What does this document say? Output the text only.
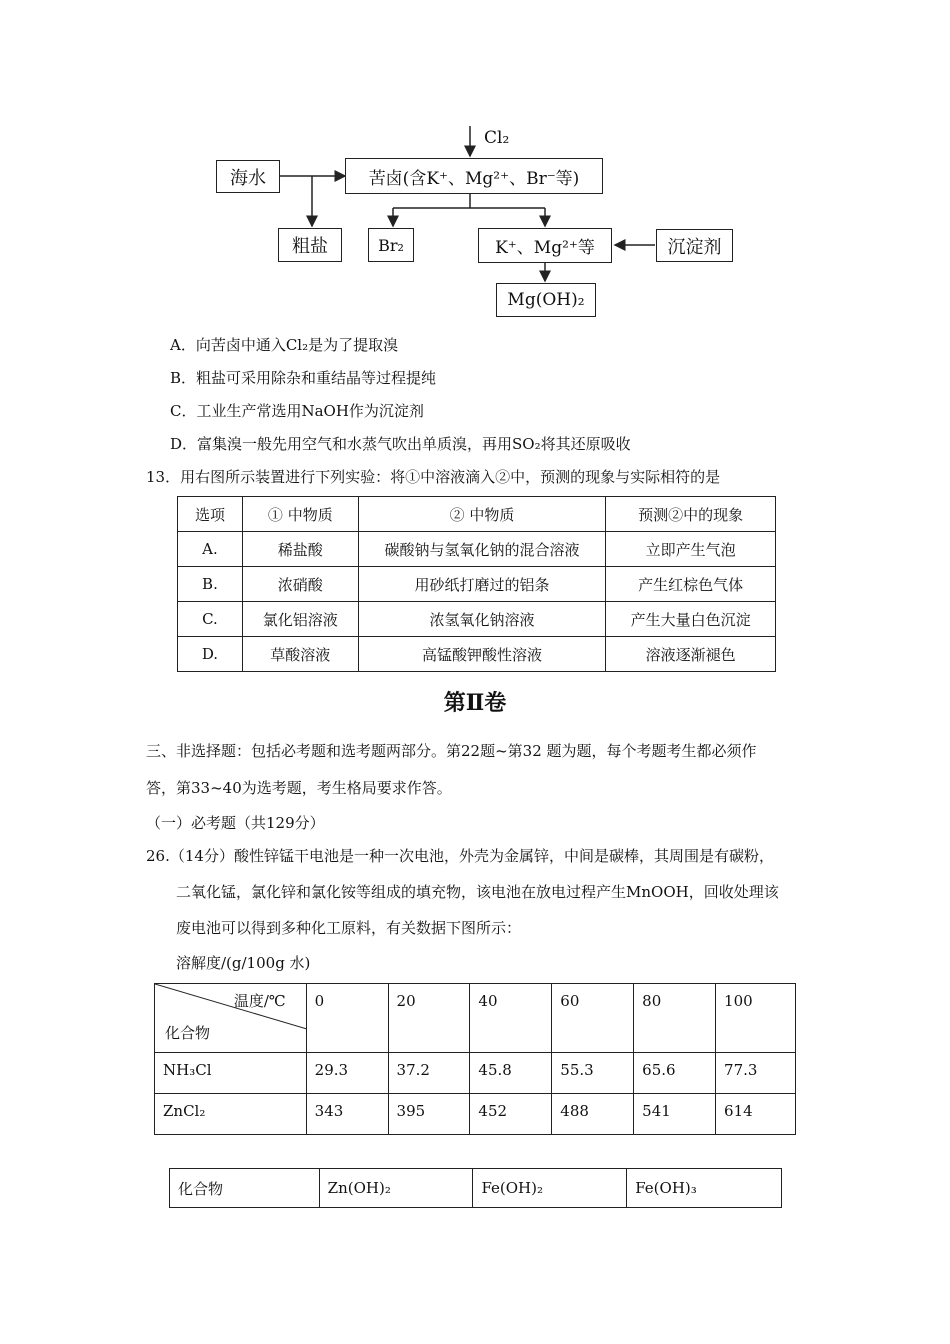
Cl₂
海水	苦卤(含K⁺、Mg²⁺、Br⁻等)
粗盐	Br₂	K⁺、Mg²⁺等	沉淀剂
Mg(OH)₂
A．向苦卤中通入Cl₂是为了提取溴
B．粗盐可采用除杂和重结晶等过程提纯
C．工业生产常选用NaOH作为沉淀剂
D．富集溴一般先用空气和水蒸气吹出单质溴，再用SO₂将其还原吸收
13．用右图所示装置进行下列实验：将①中溶液滴入②中，预测的现象与实际相符的是
选项	① 中物质	② 中物质	预测②中的现象
A.	稀盐酸	碳酸钠与氢氧化钠的混合溶液	立即产生气泡
B.	浓硝酸	用砂纸打磨过的铝条	产生红棕色气体
C.	氯化铝溶液	浓氢氧化钠溶液	产生大量白色沉淀
D.	草酸溶液	高锰酸钾酸性溶液	溶液逐渐褪色
第Ⅱ卷
三、非选择题：包括必考题和选考题两部分。第22题~第32 题为题，每个考题考生都必须作
答，第33~40为选考题，考生格局要求作答。
（一）必考题（共129分）
26.（14分）酸性锌锰干电池是一种一次电池，外壳为金属锌，中间是碳棒，其周围是有碳粉，
二氧化锰，氯化锌和氯化铵等组成的填充物，该电池在放电过程产生MnOOH，回收处理该
废电池可以得到多种化工原料，有关数据下图所示：
溶解度/(g/100g 水)
温度/℃
化合物	0	20	40	60	80	100
NH₃Cl	29.3	37.2	45.8	55.3	65.6	77.3
ZnCl₂	343	395	452	488	541	614
化合物	Zn(OH)₂	Fe(OH)₂	Fe(OH)₃
